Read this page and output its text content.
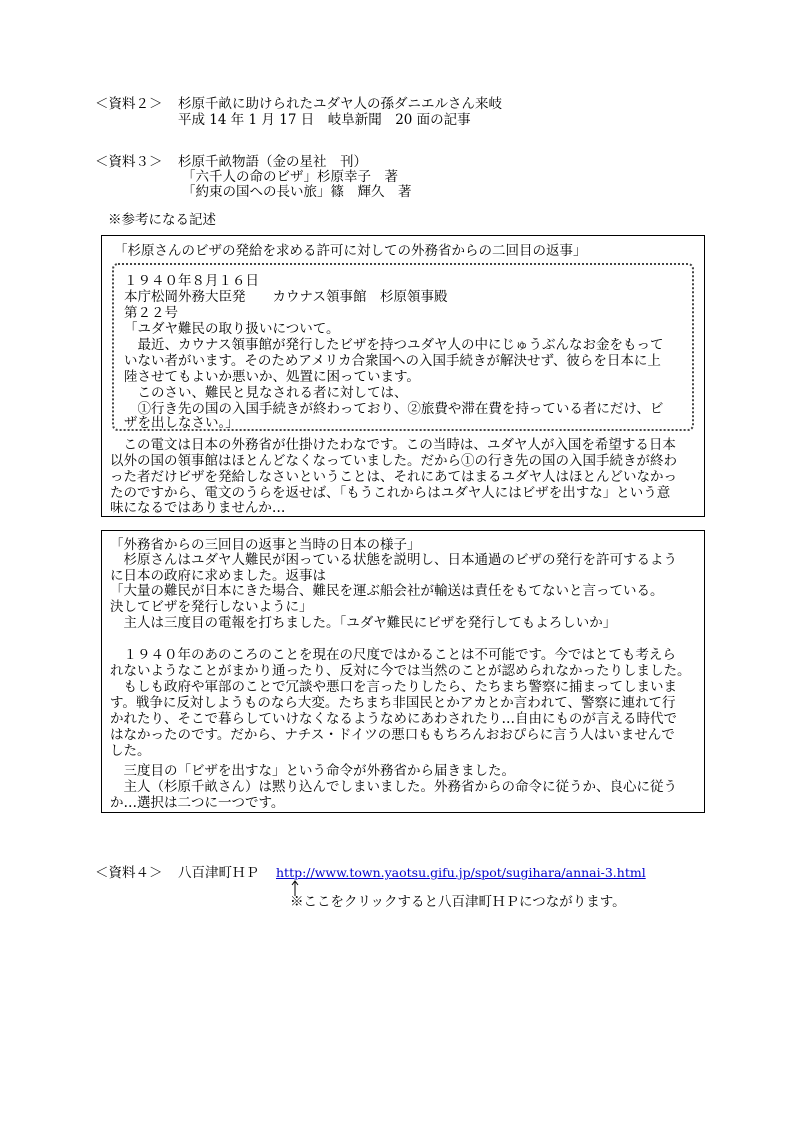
＜資料２＞ 杉原千畝に助けられたユダヤ人の孫ダニエルさん来岐
平成 14 年 1 月 17 日　岐阜新聞　20 面の記事
＜資料３＞ 杉原千畝物語（金の星社　刊）
「六千人の命のビザ」杉原幸子　著
「約束の国への長い旅」篠　輝久　著
※参考になる記述
「杉原さんのビザの発給を求める許可に対しての外務省からの二回目の返事」
１９４０年８月１６日
本庁松岡外務大臣発　　カウナス領事館　杉原領事殿
第２２号
「ユダヤ難民の取り扱いについて。
　最近、カウナス領事館が発行したビザを持つユダヤ人の中にじゅうぶんなお金をもって
いない者がいます。そのためアメリカ合衆国への入国手続きが解決せず、彼らを日本に上
陸させてもよいか悪いか、処置に困っています。
　このさい、難民と見なされる者に対しては、
　①行き先の国の入国手続きが終わっており、②旅費や滞在費を持っている者にだけ、ビ
ザを出しなさい。」
　この電文は日本の外務省が仕掛けたわなです。この当時は、ユダヤ人が入国を希望する日本
以外の国の領事館はほとんどなくなっていました。だから①の行き先の国の入国手続きが終わ
った者だけビザを発給しなさいということは、それにあてはまるユダヤ人はほとんどいなかっ
たのですから、電文のうらを返せば、「もうこれからはユダヤ人にはビザを出すな」という意
味になるではありませんか…
「外務省からの三回目の返事と当時の日本の様子」
　杉原さんはユダヤ人難民が困っている状態を説明し、日本通過のビザの発行を許可するよう
に日本の政府に求めました。返事は
「大量の難民が日本にきた場合、難民を運ぶ船会社が輸送は責任をもてないと言っている。
決してビザを発行しないように」
　主人は三度目の電報を打ちました。「ユダヤ難民にビザを発行してもよろしいか」
　１９４０年のあのころのことを現在の尺度ではかることは不可能です。今ではとても考えら
れないようなことがまかり通ったり、反対に今では当然のことが認められなかったりしました。
　もしも政府や軍部のことで冗談や悪口を言ったりしたら、たちまち警察に捕まってしまいま
す。戦争に反対しようものなら大変。たちまち非国民とかアカとか言われて、警察に連れて行
かれたり、そこで暮らしていけなくなるようなめにあわされたり…自由にものが言える時代で
はなかったのです。だから、ナチス・ドイツの悪口ももちろんおおぴらに言う人はいませんで
した。
　三度目の「ビザを出すな」という命令が外務省から届きました。
　主人（杉原千畝さん）は黙り込んでしまいました。外務省からの命令に従うか、良心に従う
か…選択は二つに一つです。
＜資料４＞ 八百津町ＨＰ http://www.town.yaotsu.gifu.jp/spot/sugihara/annai-3.html
※ここをクリックすると八百津町ＨＰにつながります。
